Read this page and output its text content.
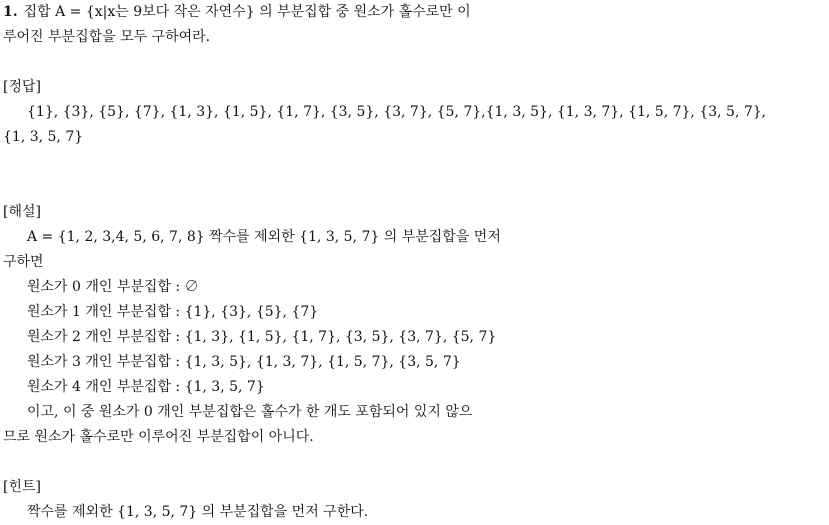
1. 집합 A = {x|x는 9보다 작은 자연수} 의 부분집합 중 원소가 홀수로만 이
루어진 부분집합을 모두 구하여라.
[정답]
{1}, {3}, {5}, {7}, {1, 3}, {1, 5}, {1, 7}, {3, 5}, {3, 7}, {5, 7},{1, 3, 5}, {1, 3, 7}, {1, 5, 7}, {3, 5, 7},
{1, 3, 5, 7}
[해설]
A = {1, 2, 3,4, 5, 6, 7, 8} 짝수를 제외한 {1, 3, 5, 7} 의 부분집합을 먼저
구하면
원소가 0 개인 부분집합 : ∅
원소가 1 개인 부분집합 : {1}, {3}, {5}, {7}
원소가 2 개인 부분집합 : {1, 3}, {1, 5}, {1, 7}, {3, 5}, {3, 7}, {5, 7}
원소가 3 개인 부분집합 : {1, 3, 5}, {1, 3, 7}, {1, 5, 7}, {3, 5, 7}
원소가 4 개인 부분집합 : {1, 3, 5, 7}
이고, 이 중 원소가 0 개인 부분집합은 홀수가 한 개도 포함되어 있지 않으
므로 원소가 홀수로만 이루어진 부분집합이 아니다.
[힌트]
짝수를 제외한 {1, 3, 5, 7} 의 부분집합을 먼저 구한다.
